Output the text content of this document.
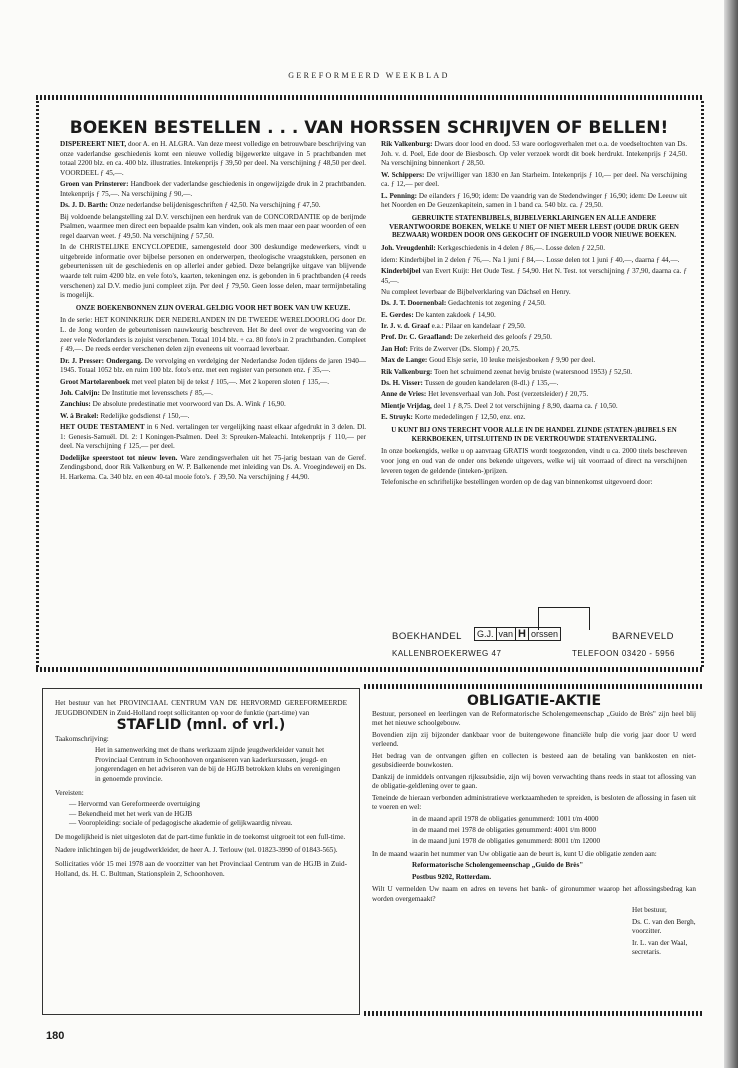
GEREFORMEERD WEEKBLAD
BOEKEN BESTELLEN . . . VAN HORSSEN SCHRIJVEN OF BELLEN!

DISPEREERT NIET, door A. en H. ALGRA. Van deze meest volledige en betrouwbare beschrijving van onze vaderlandse geschiedenis komt een nieuwe volledig bijgewerkte uitgave in 5 prachtbanden met totaal 2200 blz. en ca. 400 blz. illustraties. Intekenprijs ƒ 39,50 per deel. Na verschijning ƒ 48,50 per deel. VOORDEEL ƒ 45,—.

Groen van Prinsterer: Handboek der vaderlandse geschiedenis in ongewijzigde druk in 2 prachtbanden. Intekenprijs ƒ 75,—. Na verschijning ƒ 90,—.

Ds. J. D. Barth: Onze nederlandse belijdenisgeschriften ƒ 42,50. Na verschijning ƒ 47,50.

Bij voldoende belangstelling zal D.V. verschijnen een herdruk van de CONCORDANTIE op de berijmde Psalmen, waarmee men direct een bepaalde psalm kan vinden, ook als men maar een paar woorden of een regel daarvan weet. ƒ 49,50. Na verschijning ƒ 57,50.

In de CHRISTELIJKE ENCYCLOPEDIE, samengesteld door 300 deskundige medewerkers, vindt u uitgebreide informatie over bijbelse personen en onderwerpen, theologische vraagstukken, personen en gebeurtenissen uit de geschiedenis en op allerlei ander gebied. Deze belangrijke uitgave van blijvende waarde telt ruim 4200 blz. en vele foto's, kaarten, tekeningen enz. is gebonden in 6 prachtbanden (4 reeds verschenen) zal D.V. medio juni compleet zijn. Per deel ƒ 79,50. Geen losse delen, maar termijnbetaling is mogelijk.

ONZE BOEKENBONNEN ZIJN OVERAL GELDIG VOOR HET BOEK VAN UW KEUZE.

In de serie: HET KONINKRIJK DER NEDERLANDEN IN DE TWEEDE WERELDOORLOG door Dr. L. de Jong worden de gebeurtenissen nauwkeurig beschreven. Het 8e deel over de wegvoering van de zeer vele Nederlanders is zojuist verschenen. Totaal 1014 blz. + ca. 80 foto's in 2 prachtbanden. Compleet ƒ 49,—. De reeds eerder verschenen delen zijn eveneens uit voorraad leverbaar.

Dr. J. Presser: Ondergang. De vervolging en verdelging der Nederlandse Joden tijdens de jaren 1940—1945. Totaal 1052 blz. en ruim 100 blz. foto's enz. met een register van personen enz. ƒ 35,—.

Groot Martelarenboek met veel platen bij de tekst ƒ 105,—. Met 2 koperen sloten ƒ 135,—.

Joh. Calvijn: De Institutie met levensschets ƒ 85,—.

Zanchius: De absolute predestinatie met voorwoord van Ds. A. Wink ƒ 16,90.

W. à Brakel: Redelijke godsdienst ƒ 150,—.

HET OUDE TESTAMENT in 6 Ned. vertalingen ter vergelijking naast elkaar afgedrukt in 3 delen. Dl. 1: Genesis-Samuël. Dl. 2: I Koningen-Psalmen. Deel 3: Spreuken-Maleachi. Intekenprijs ƒ 110,— per deel. Na verschijning ƒ 125,— per deel.

Dodelijke speerstoot tot nieuw leven. Ware zendingsverhalen uit het 75-jarig bestaan van de Geref. Zendingsbond, door Rik Valkenburg en W. P. Balkenende met inleiding van Ds. A. Vroegindeweij en Ds. H. Harkema. Ca. 340 blz. en een 40-tal mooie foto's. ƒ 39,50. Na verschijning ƒ 44,90.

Rik Valkenburg: Dwars door lood en dood. 53 ware oorlogsverhalen met o.a. de voedseltochten van Ds. Joh. v. d. Poel, Ede door de Biesbosch. Op veler verzoek wordt dit boek herdrukt. Intekenprijs ƒ 24,50. Na verschijning binnenkort ƒ 28,50.

W. Schippers: De vrijwilliger van 1830 en Jan Starheim. Intekenprijs ƒ 10,— per deel. Na verschijning ca. ƒ 12,— per deel.

L. Penning: De eilanders ƒ 16,90; idem: De vaandrig van de Stedendwinger ƒ 16,90; idem: De Leeuw uit het Noorden en De Geuzenkapitein, samen in 1 band ca. 540 blz. ca. ƒ 29,50.

GEBRUIKTE STATENBIJBELS, BIJBELVERKLARINGEN EN ALLE ANDERE VERANTWOORDE BOEKEN, WELKE U NIET OF NIET MEER LEEST (OUDE DRUK GEEN BEZWAAR) WORDEN DOOR ONS GEKOCHT OF INGERUILD VOOR NIEUWE BOEKEN.

Joh. Vreugdenhil: Kerkgeschiedenis in 4 delen ƒ 86,—. Losse delen ƒ 22,50.

idem: Kinderbijbel in 2 delen ƒ 76,—. Na 1 juni ƒ 84,—. Losse delen tot 1 juni ƒ 40,—, daarna ƒ 44,—.

Kinderbijbel van Evert Kuijt: Het Oude Test. ƒ 54,90. Het N. Test. tot verschijning ƒ 37,90, daarna ca. ƒ 45,—.

Nu compleet leverbaar de Bijbelverklaring van Dächsel en Henry.

Ds. J. T. Doornenbal: Gedachtenis tot zegening ƒ 24,50.

E. Gerdes: De kanten zakdoek ƒ 14,90.

Ir. J. v. d. Graaf e.a.: Pilaar en kandelaar ƒ 29,50.

Prof. Dr. C. Graafland: De zekerheid des geloofs ƒ 29,50.

Jan Hof: Frits de Zwerver (Ds. Slomp) ƒ 20,75.

Max de Lange: Goud Elsje serie, 10 leuke meisjesboeken ƒ 9,90 per deel.

Rik Valkenburg: Toen het schuimend zeenat hevig bruiste (watersnood 1953) ƒ 52,50.

Ds. H. Visser: Tussen de gouden kandelaren (8-dl.) ƒ 135,—.

Anne de Vries: Het levensverhaal van Joh. Post (verzetsleider) ƒ 20,75.

Mientje Vrijdag, deel 1 ƒ 8,75. Deel 2 tot verschijning ƒ 8,90, daarna ca. ƒ 10,50.

E. Struyk: Korte mededelingen ƒ 12,50, enz. enz.

U KUNT BIJ ONS TERECHT VOOR ALLE IN DE HANDEL ZIJNDE (STATEN-)BIJBELS EN KERKBOEKEN, UITSLUITEND IN DE VERTROUWDE STATENVERTALING.

In onze boekengids, welke u op aanvraag GRATIS wordt toegezonden, vindt u ca. 2000 titels beschreven voor jong en oud van de onder ons bekende uitgevers, welke wij uit voorraad of direct na verschijnen leveren tegen de geldende (inteken-)prijzen.

Telefonische en schriftelijke bestellingen worden op de dag van binnenkomst uitgevoerd door:

BOEKHANDEL G.J. van H orssen	BARNEVELD
KALLENBROEKERWEG 47	TELEFOON 03420 - 5956

Het bestuur van het PROVINCIAAL CENTRUM VAN DE HERVORMD GEREFORMEERDE JEUGDBONDEN in Zuid-Holland roept sollicitanten op voor de funktie (part-time) van

STAFLID (mnl. of vrl.)

Taakomschrijving:

Het in samenwerking met de thans werkzaam zijnde jeugdwerkleider vanuit het Provinciaal Centrum in Schoonhoven organiseren van kaderkursussen, jeugd- en jongerendagen en het adviseren van de bij de HGJB betrokken klubs en verenigingen in genoemde provincie.

Vereisten:

— Hervormd van Gereformeerde overtuiging
— Bekendheid met het werk van de HGJB
— Vooropleiding: sociale of pedagogische akademie of gelijkwaardig niveau.

De mogelijkheid is niet uitgesloten dat de part-time funktie in de toekomst uitgroeit tot een full-time.

Nadere inlichtingen bij de jeugdwerkleider, de heer A. J. Terlouw (tel. 01823-3990 of 01843-565).

Sollicitaties vóór 15 mei 1978 aan de voorzitter van het Provinciaal Centrum van de HGJB in Zuid-Holland, ds. H. C. Bultman, Stationsplein 2, Schoonhoven.

OBLIGATIE-AKTIE

Bestuur, personeel en leerlingen van de Reformatorische Scholengemeenschap „Guido de Brès" zijn heel blij met het nieuwe schoolgebouw.

Bovendien zijn zij bijzonder dankbaar voor de buitengewone financiële hulp die vorig jaar door U werd verleend.

Het bedrag van de ontvangen giften en collecten is besteed aan de betaling van bankkosten en niet-gesubsidieerde bouwkosten.

Dankzij de inmiddels ontvangen rijkssubsidie, zijn wij boven verwachting thans reeds in staat tot aflossing van de obligatie-geldlening over te gaan.

Teneinde de hieraan verbonden administratieve werkzaamheden te spreiden, is besloten de aflossing in fasen uit te voeren en wel:

in de maand april 1978 de obligaties genummerd: 1001 t/m 4000

in de maand mei 1978 de obligaties genummerd: 4001 t/m 8000

in de maand juni 1978 de obligaties genummerd: 8001 t/m 12000

In de maand waarin het nummer van Uw obligatie aan de beurt is, kunt U die obligatie zenden aan:

Reformatorische Scholengemeenschap „Guido de Brès"

Postbus 9202, Rotterdam.

Wilt U vermelden Uw naam en adres en tevens het bank- of gironummer waarop het aflossingsbedrag kan worden overgemaakt?

Het bestuur,

Ds. C. van den Bergh, voorzitter.

Ir. L. van der Waal, secretaris.

180
